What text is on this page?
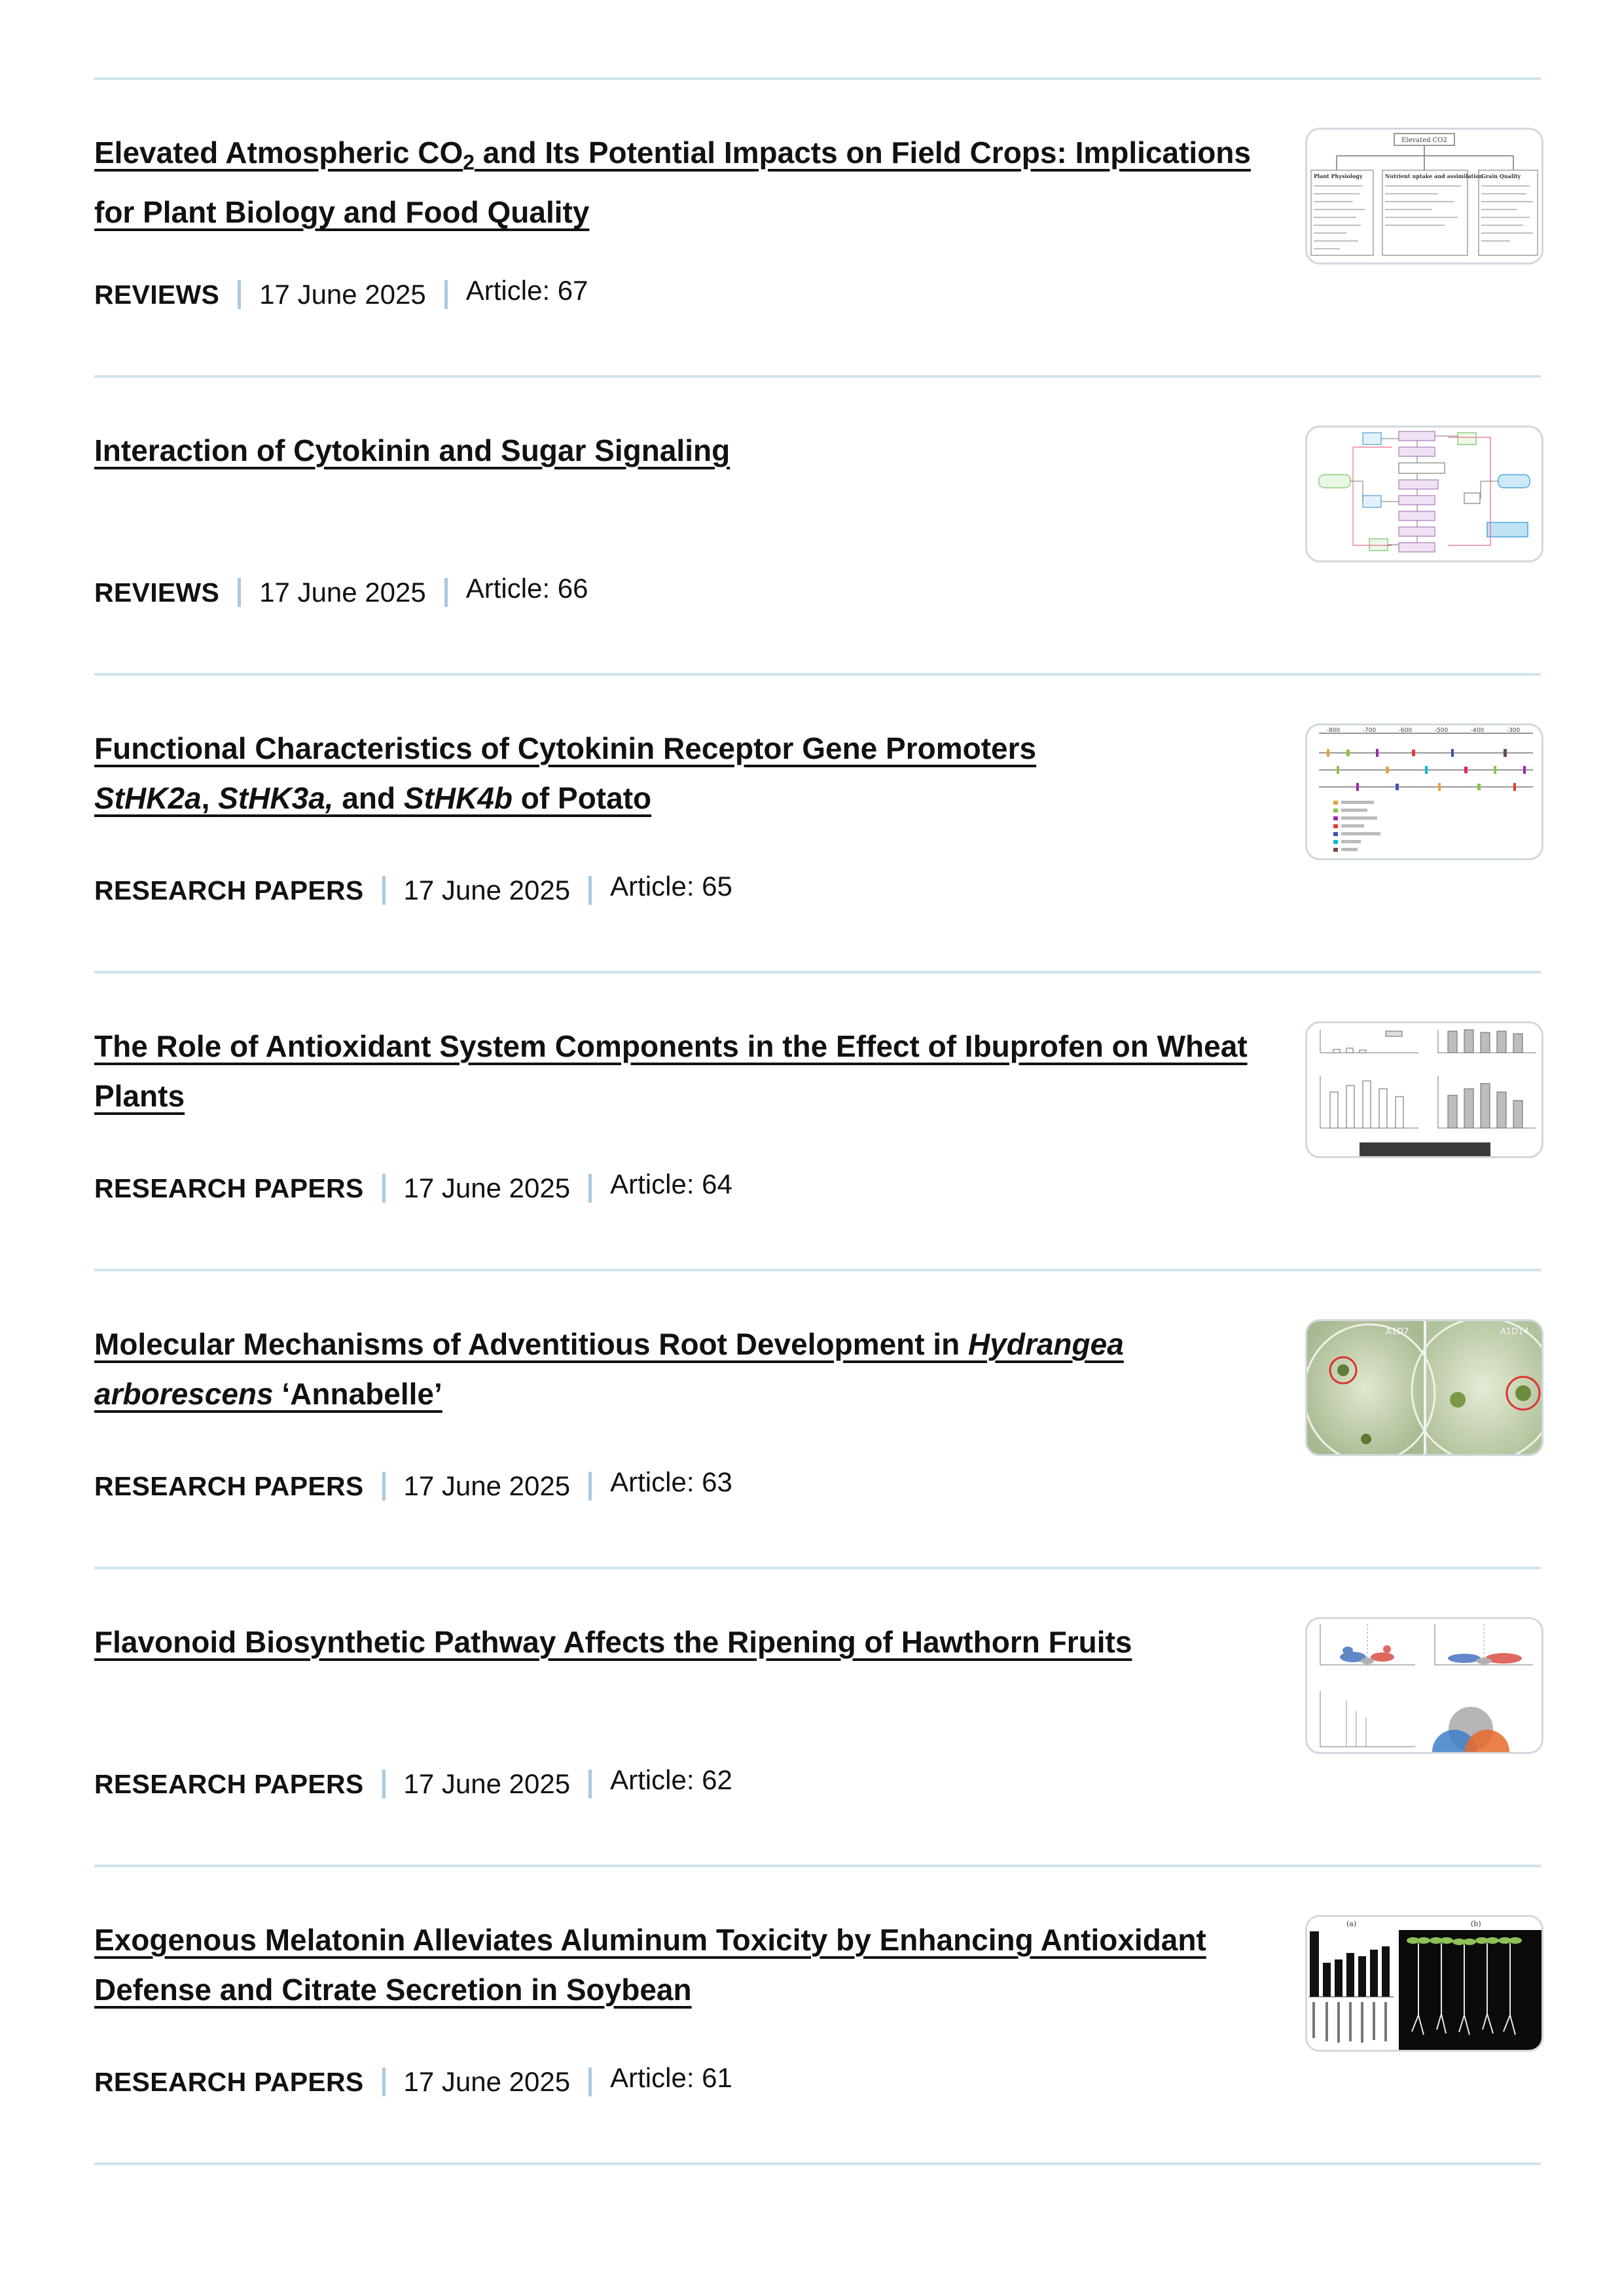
Elevated Atmospheric $CO_2$ and Its Potential Impacts on Field Crops: Implications for Plant Biology and Food Quality
REVIEWS 17 June 2025 Article: 67
Elevated CO2
Plant Physiology	Nutrient uptake and assimilation
Grain Quality
Interaction of Cytokinin and Sugar Signaling
REVIEWS 17 June 2025 Article: 66
Functional Characteristics of Cytokinin Receptor Gene Promoters
StHK2a, StHK3a, and StHK4b of Potato
RESEARCH PAPERS 17 June 2025 Article: 65
-800	-700	-600	-500	-400	-300
The Role of Antioxidant System Components in the Effect of Ibuprofen on Wheat Plants
RESEARCH PAPERS 17 June 2025 Article: 64
Molecular Mechanisms of Adventitious Root Development in Hydrangea arborescens ‘Annabelle’
RESEARCH PAPERS 17 June 2025 Article: 63
A1D7	A1D14
Flavonoid Biosynthetic Pathway Affects the Ripening of Hawthorn Fruits
RESEARCH PAPERS 17 June 2025 Article: 62
Exogenous Melatonin Alleviates Aluminum Toxicity by Enhancing Antioxidant Defense and Citrate Secretion in Soybean
RESEARCH PAPERS 17 June 2025 Article: 61
(a)	(b)
